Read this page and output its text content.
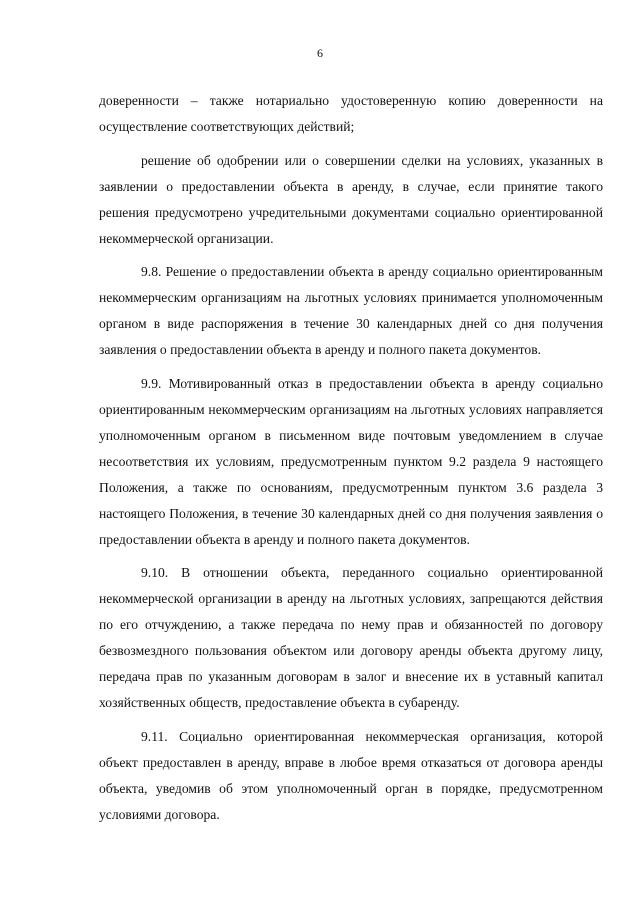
6

доверенности – также нотариально удостоверенную копию доверенности на осуществление соответствующих действий;

решение об одобрении или о совершении сделки на условиях, указанных в заявлении о предоставлении объекта в аренду, в случае, если принятие такого решения предусмотрено учредительными документами социально ориентированной некоммерческой организации.

9.8. Решение о предоставлении объекта в аренду социально ориентированным некоммерческим организациям на льготных условиях принимается уполномоченным органом в виде распоряжения в течение 30 календарных дней со дня получения заявления о предоставлении объекта в аренду и полного пакета документов.

9.9. Мотивированный отказ в предоставлении объекта в аренду социально ориентированным некоммерческим организациям на льготных условиях направляется уполномоченным органом в письменном виде почтовым уведомлением в случае несоответствия их условиям, предусмотренным пунктом 9.2 раздела 9 настоящего Положения, а также по основаниям, предусмотренным пунктом 3.6 раздела 3 настоящего Положения, в течение 30 календарных дней со дня получения заявления о предоставлении объекта в аренду и полного пакета документов.

9.10. В отношении объекта, переданного социально ориентированной некоммерческой организации в аренду на льготных условиях, запрещаются действия по его отчуждению, а также передача по нему прав и обязанностей по договору безвозмездного пользования объектом или договору аренды объекта другому лицу, передача прав по указанным договорам в залог и внесение их в уставный капитал хозяйственных обществ, предоставление объекта в субаренду.

9.11. Социально ориентированная некоммерческая организация, которой объект предоставлен в аренду, вправе в любое время отказаться от договора аренды объекта, уведомив об этом уполномоченный орган в порядке, предусмотренном условиями договора.
